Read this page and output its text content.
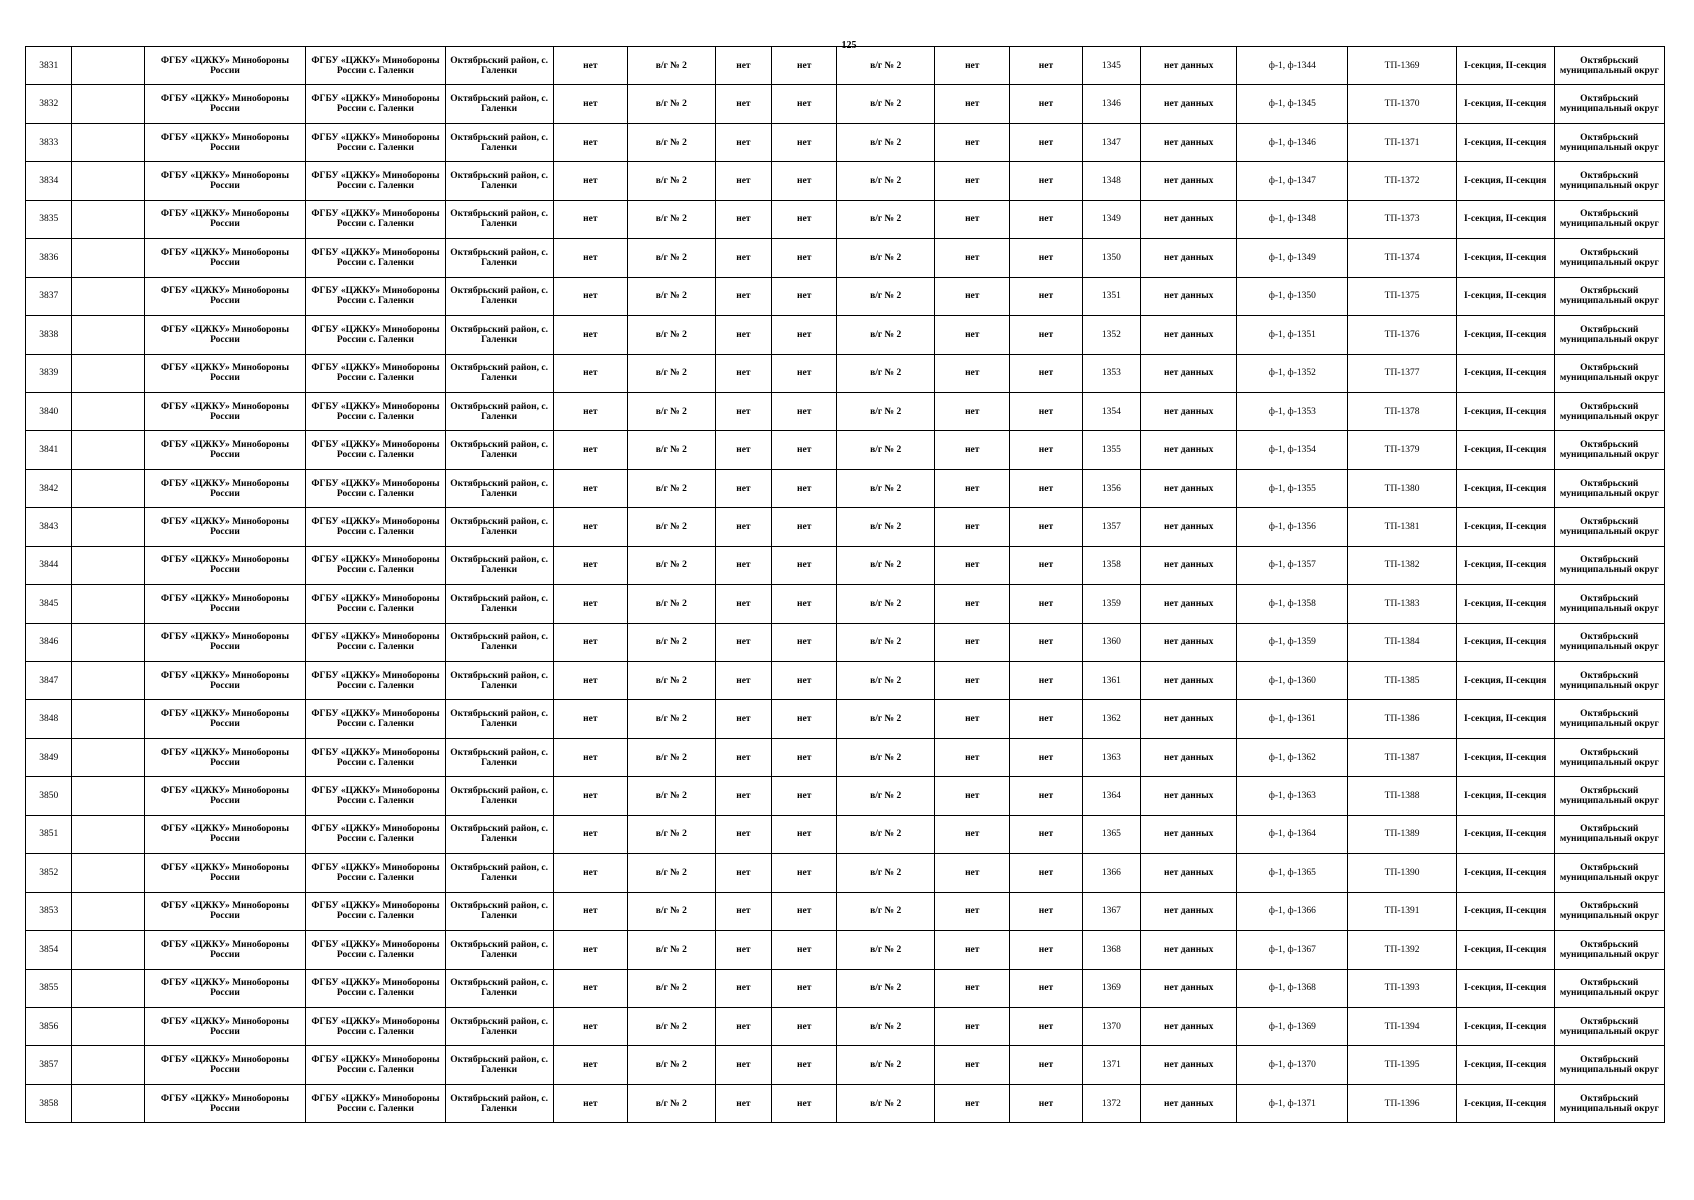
125
3831		ФГБУ «ЦЖКУ» Минобороны России	ФГБУ «ЦЖКУ» Минобороны России с. Галенки	Октябрьский район, с. Галенки	нет	в/г № 2	нет	нет	в/г № 2	нет	нет	1345	нет данных	ф-1, ф-1344	ТП-1369	I-секция, II-секция	Октябрьский муниципальный округ
3832		ФГБУ «ЦЖКУ» Минобороны России	ФГБУ «ЦЖКУ» Минобороны России с. Галенки	Октябрьский район, с. Галенки	нет	в/г № 2	нет	нет	в/г № 2	нет	нет	1346	нет данных	ф-1, ф-1345	ТП-1370	I-секция, II-секция	Октябрьский муниципальный округ
3833		ФГБУ «ЦЖКУ» Минобороны России	ФГБУ «ЦЖКУ» Минобороны России с. Галенки	Октябрьский район, с. Галенки	нет	в/г № 2	нет	нет	в/г № 2	нет	нет	1347	нет данных	ф-1, ф-1346	ТП-1371	I-секция, II-секция	Октябрьский муниципальный округ
3834		ФГБУ «ЦЖКУ» Минобороны России	ФГБУ «ЦЖКУ» Минобороны России с. Галенки	Октябрьский район, с. Галенки	нет	в/г № 2	нет	нет	в/г № 2	нет	нет	1348	нет данных	ф-1, ф-1347	ТП-1372	I-секция, II-секция	Октябрьский муниципальный округ
3835		ФГБУ «ЦЖКУ» Минобороны России	ФГБУ «ЦЖКУ» Минобороны России с. Галенки	Октябрьский район, с. Галенки	нет	в/г № 2	нет	нет	в/г № 2	нет	нет	1349	нет данных	ф-1, ф-1348	ТП-1373	I-секция, II-секция	Октябрьский муниципальный округ
3836		ФГБУ «ЦЖКУ» Минобороны России	ФГБУ «ЦЖКУ» Минобороны России с. Галенки	Октябрьский район, с. Галенки	нет	в/г № 2	нет	нет	в/г № 2	нет	нет	1350	нет данных	ф-1, ф-1349	ТП-1374	I-секция, II-секция	Октябрьский муниципальный округ
3837		ФГБУ «ЦЖКУ» Минобороны России	ФГБУ «ЦЖКУ» Минобороны России с. Галенки	Октябрьский район, с. Галенки	нет	в/г № 2	нет	нет	в/г № 2	нет	нет	1351	нет данных	ф-1, ф-1350	ТП-1375	I-секция, II-секция	Октябрьский муниципальный округ
3838		ФГБУ «ЦЖКУ» Минобороны России	ФГБУ «ЦЖКУ» Минобороны России с. Галенки	Октябрьский район, с. Галенки	нет	в/г № 2	нет	нет	в/г № 2	нет	нет	1352	нет данных	ф-1, ф-1351	ТП-1376	I-секция, II-секция	Октябрьский муниципальный округ
3839		ФГБУ «ЦЖКУ» Минобороны России	ФГБУ «ЦЖКУ» Минобороны России с. Галенки	Октябрьский район, с. Галенки	нет	в/г № 2	нет	нет	в/г № 2	нет	нет	1353	нет данных	ф-1, ф-1352	ТП-1377	I-секция, II-секция	Октябрьский муниципальный округ
3840		ФГБУ «ЦЖКУ» Минобороны России	ФГБУ «ЦЖКУ» Минобороны России с. Галенки	Октябрьский район, с. Галенки	нет	в/г № 2	нет	нет	в/г № 2	нет	нет	1354	нет данных	ф-1, ф-1353	ТП-1378	I-секция, II-секция	Октябрьский муниципальный округ
3841		ФГБУ «ЦЖКУ» Минобороны России	ФГБУ «ЦЖКУ» Минобороны России с. Галенки	Октябрьский район, с. Галенки	нет	в/г № 2	нет	нет	в/г № 2	нет	нет	1355	нет данных	ф-1, ф-1354	ТП-1379	I-секция, II-секция	Октябрьский муниципальный округ
3842		ФГБУ «ЦЖКУ» Минобороны России	ФГБУ «ЦЖКУ» Минобороны России с. Галенки	Октябрьский район, с. Галенки	нет	в/г № 2	нет	нет	в/г № 2	нет	нет	1356	нет данных	ф-1, ф-1355	ТП-1380	I-секция, II-секция	Октябрьский муниципальный округ
3843		ФГБУ «ЦЖКУ» Минобороны России	ФГБУ «ЦЖКУ» Минобороны России с. Галенки	Октябрьский район, с. Галенки	нет	в/г № 2	нет	нет	в/г № 2	нет	нет	1357	нет данных	ф-1, ф-1356	ТП-1381	I-секция, II-секция	Октябрьский муниципальный округ
3844		ФГБУ «ЦЖКУ» Минобороны России	ФГБУ «ЦЖКУ» Минобороны России с. Галенки	Октябрьский район, с. Галенки	нет	в/г № 2	нет	нет	в/г № 2	нет	нет	1358	нет данных	ф-1, ф-1357	ТП-1382	I-секция, II-секция	Октябрьский муниципальный округ
3845		ФГБУ «ЦЖКУ» Минобороны России	ФГБУ «ЦЖКУ» Минобороны России с. Галенки	Октябрьский район, с. Галенки	нет	в/г № 2	нет	нет	в/г № 2	нет	нет	1359	нет данных	ф-1, ф-1358	ТП-1383	I-секция, II-секция	Октябрьский муниципальный округ
3846		ФГБУ «ЦЖКУ» Минобороны России	ФГБУ «ЦЖКУ» Минобороны России с. Галенки	Октябрьский район, с. Галенки	нет	в/г № 2	нет	нет	в/г № 2	нет	нет	1360	нет данных	ф-1, ф-1359	ТП-1384	I-секция, II-секция	Октябрьский муниципальный округ
3847		ФГБУ «ЦЖКУ» Минобороны России	ФГБУ «ЦЖКУ» Минобороны России с. Галенки	Октябрьский район, с. Галенки	нет	в/г № 2	нет	нет	в/г № 2	нет	нет	1361	нет данных	ф-1, ф-1360	ТП-1385	I-секция, II-секция	Октябрьский муниципальный округ
3848		ФГБУ «ЦЖКУ» Минобороны России	ФГБУ «ЦЖКУ» Минобороны России с. Галенки	Октябрьский район, с. Галенки	нет	в/г № 2	нет	нет	в/г № 2	нет	нет	1362	нет данных	ф-1, ф-1361	ТП-1386	I-секция, II-секция	Октябрьский муниципальный округ
3849		ФГБУ «ЦЖКУ» Минобороны России	ФГБУ «ЦЖКУ» Минобороны России с. Галенки	Октябрьский район, с. Галенки	нет	в/г № 2	нет	нет	в/г № 2	нет	нет	1363	нет данных	ф-1, ф-1362	ТП-1387	I-секция, II-секция	Октябрьский муниципальный округ
3850		ФГБУ «ЦЖКУ» Минобороны России	ФГБУ «ЦЖКУ» Минобороны России с. Галенки	Октябрьский район, с. Галенки	нет	в/г № 2	нет	нет	в/г № 2	нет	нет	1364	нет данных	ф-1, ф-1363	ТП-1388	I-секция, II-секция	Октябрьский муниципальный округ
3851		ФГБУ «ЦЖКУ» Минобороны России	ФГБУ «ЦЖКУ» Минобороны России с. Галенки	Октябрьский район, с. Галенки	нет	в/г № 2	нет	нет	в/г № 2	нет	нет	1365	нет данных	ф-1, ф-1364	ТП-1389	I-секция, II-секция	Октябрьский муниципальный округ
3852		ФГБУ «ЦЖКУ» Минобороны России	ФГБУ «ЦЖКУ» Минобороны России с. Галенки	Октябрьский район, с. Галенки	нет	в/г № 2	нет	нет	в/г № 2	нет	нет	1366	нет данных	ф-1, ф-1365	ТП-1390	I-секция, II-секция	Октябрьский муниципальный округ
3853		ФГБУ «ЦЖКУ» Минобороны России	ФГБУ «ЦЖКУ» Минобороны России с. Галенки	Октябрьский район, с. Галенки	нет	в/г № 2	нет	нет	в/г № 2	нет	нет	1367	нет данных	ф-1, ф-1366	ТП-1391	I-секция, II-секция	Октябрьский муниципальный округ
3854		ФГБУ «ЦЖКУ» Минобороны России	ФГБУ «ЦЖКУ» Минобороны России с. Галенки	Октябрьский район, с. Галенки	нет	в/г № 2	нет	нет	в/г № 2	нет	нет	1368	нет данных	ф-1, ф-1367	ТП-1392	I-секция, II-секция	Октябрьский муниципальный округ
3855		ФГБУ «ЦЖКУ» Минобороны России	ФГБУ «ЦЖКУ» Минобороны России с. Галенки	Октябрьский район, с. Галенки	нет	в/г № 2	нет	нет	в/г № 2	нет	нет	1369	нет данных	ф-1, ф-1368	ТП-1393	I-секция, II-секция	Октябрьский муниципальный округ
3856		ФГБУ «ЦЖКУ» Минобороны России	ФГБУ «ЦЖКУ» Минобороны России с. Галенки	Октябрьский район, с. Галенки	нет	в/г № 2	нет	нет	в/г № 2	нет	нет	1370	нет данных	ф-1, ф-1369	ТП-1394	I-секция, II-секция	Октябрьский муниципальный округ
3857		ФГБУ «ЦЖКУ» Минобороны России	ФГБУ «ЦЖКУ» Минобороны России с. Галенки	Октябрьский район, с. Галенки	нет	в/г № 2	нет	нет	в/г № 2	нет	нет	1371	нет данных	ф-1, ф-1370	ТП-1395	I-секция, II-секция	Октябрьский муниципальный округ
3858		ФГБУ «ЦЖКУ» Минобороны России	ФГБУ «ЦЖКУ» Минобороны России с. Галенки	Октябрьский район, с. Галенки	нет	в/г № 2	нет	нет	в/г № 2	нет	нет	1372	нет данных	ф-1, ф-1371	ТП-1396	I-секция, II-секция	Октябрьский муниципальный округ
